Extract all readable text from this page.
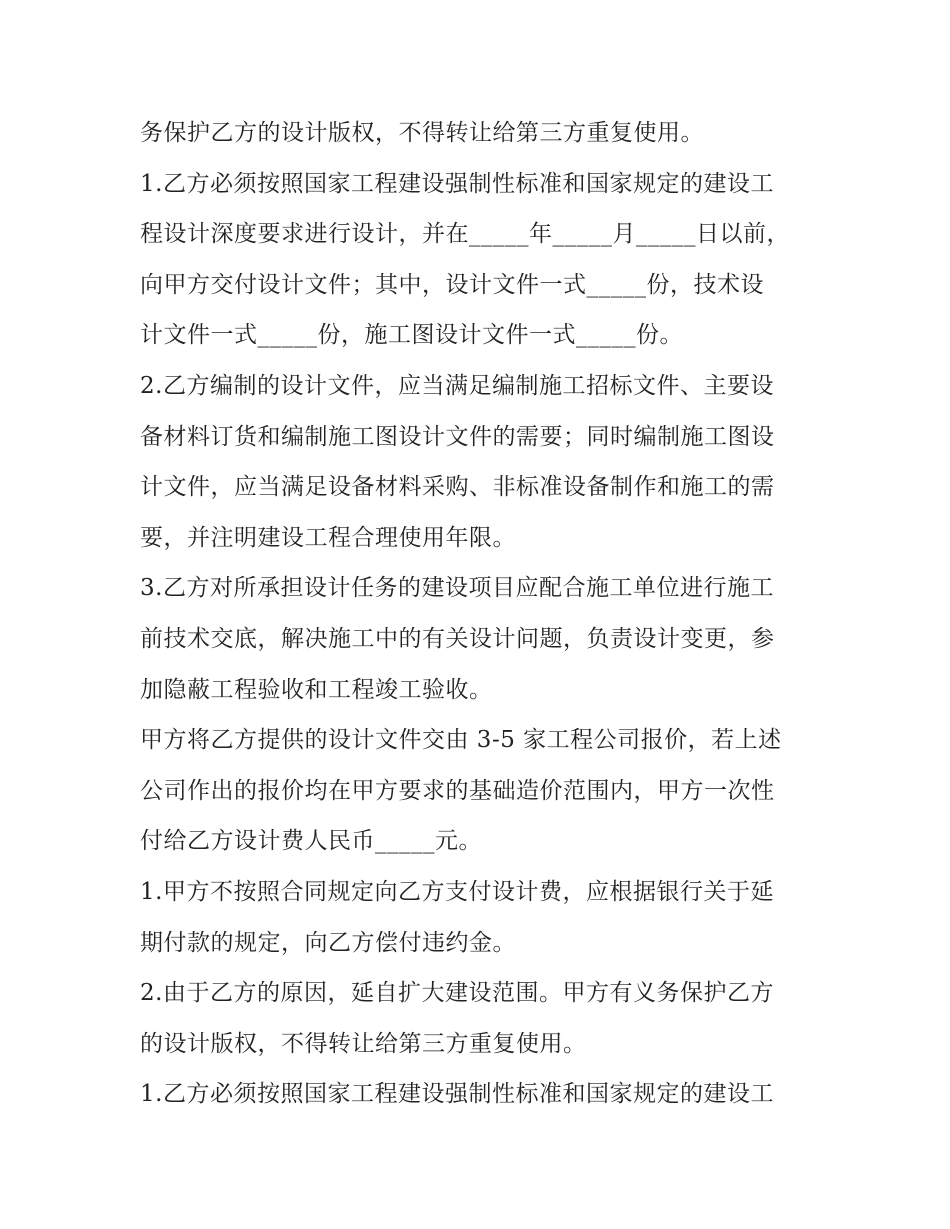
务保护乙方的设计版权，不得转让给第三方重复使用。
1.乙方必须按照国家工程建设强制性标准和国家规定的建设工
程设计深度要求进行设计，并在_____年_____月_____日以前，
向甲方交付设计文件；其中，设计文件一式_____份，技术设
计文件一式_____份，施工图设计文件一式_____份。
2.乙方编制的设计文件，应当满足编制施工招标文件、主要设
备材料订货和编制施工图设计文件的需要；同时编制施工图设
计文件，应当满足设备材料采购、非标准设备制作和施工的需
要，并注明建设工程合理使用年限。
3.乙方对所承担设计任务的建设项目应配合施工单位进行施工
前技术交底，解决施工中的有关设计问题，负责设计变更，参
加隐蔽工程验收和工程竣工验收。
甲方将乙方提供的设计文件交由 3-5 家工程公司报价，若上述
公司作出的报价均在甲方要求的基础造价范围内，甲方一次性
付给乙方设计费人民币_____元。
1.甲方不按照合同规定向乙方支付设计费，应根据银行关于延
期付款的规定，向乙方偿付违约金。
2.由于乙方的原因，延自扩大建设范围。甲方有义务保护乙方
的设计版权，不得转让给第三方重复使用。
1.乙方必须按照国家工程建设强制性标准和国家规定的建设工
